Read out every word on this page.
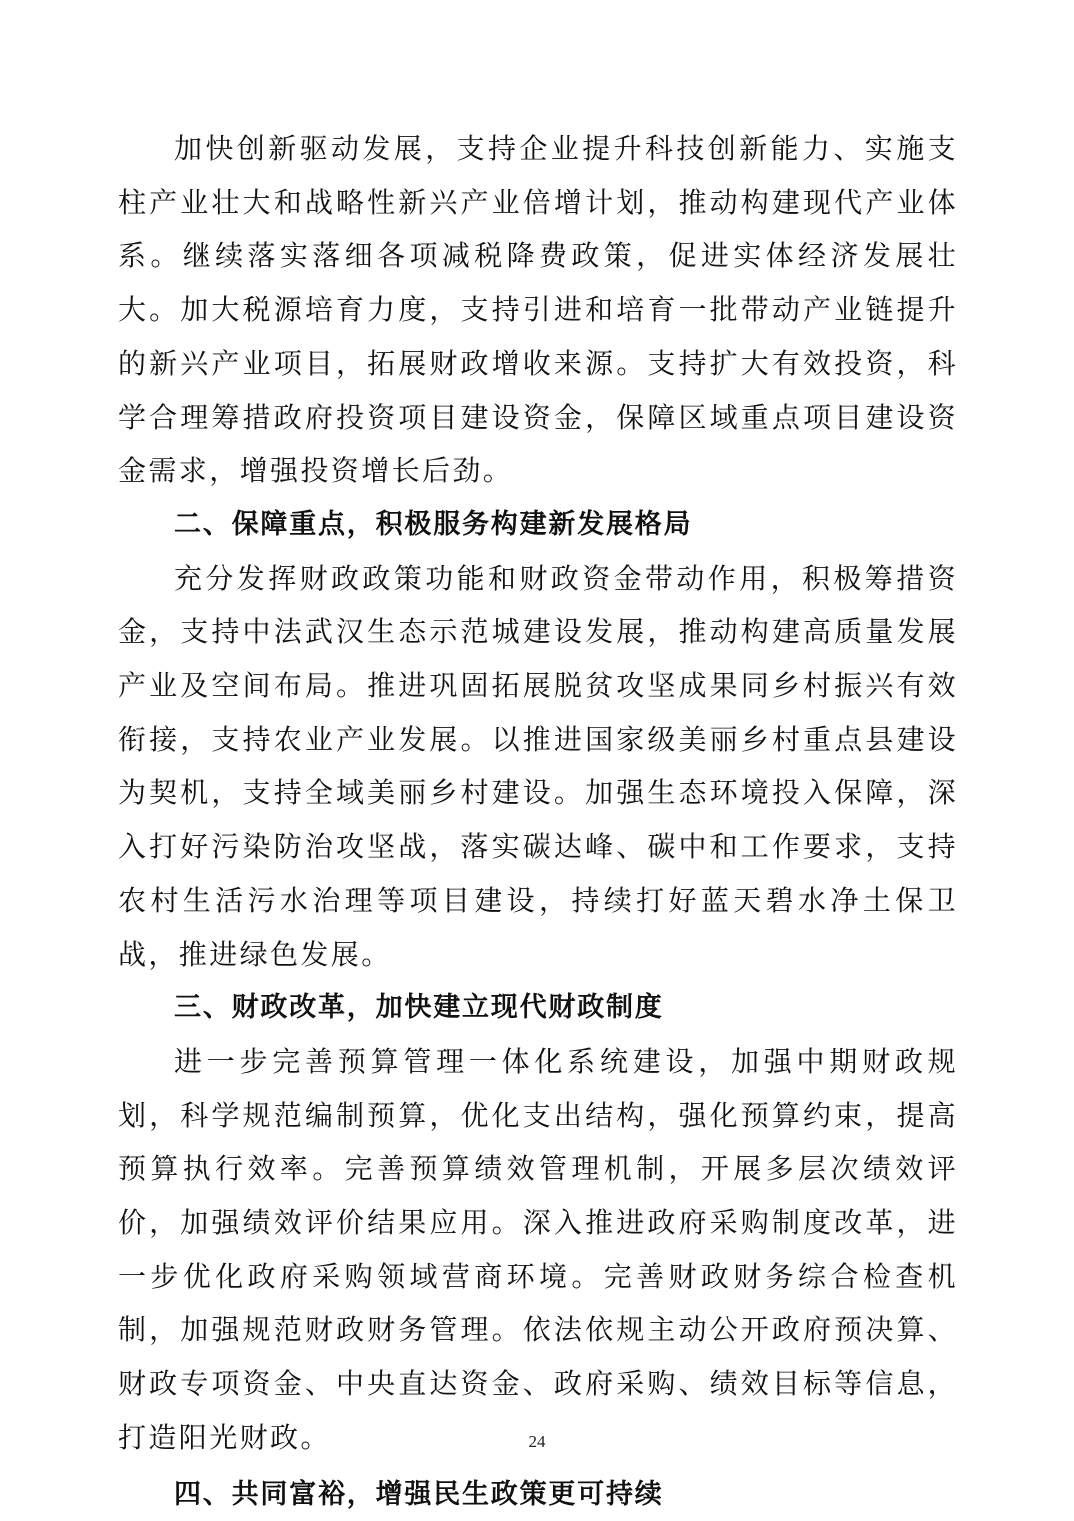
加快创新驱动发展，支持企业提升科技创新能力、实施支柱产业壮大和战略性新兴产业倍增计划，推动构建现代产业体系。继续落实落细各项减税降费政策，促进实体经济发展壮大。加大税源培育力度，支持引进和培育一批带动产业链提升的新兴产业项目，拓展财政增收来源。支持扩大有效投资，科学合理筹措政府投资项目建设资金，保障区域重点项目建设资金需求，增强投资增长后劲。

二、保障重点，积极服务构建新发展格局

充分发挥财政政策功能和财政资金带动作用，积极筹措资金，支持中法武汉生态示范城建设发展，推动构建高质量发展产业及空间布局。推进巩固拓展脱贫攻坚成果同乡村振兴有效衔接，支持农业产业发展。以推进国家级美丽乡村重点县建设为契机，支持全域美丽乡村建设。加强生态环境投入保障，深入打好污染防治攻坚战，落实碳达峰、碳中和工作要求，支持农村生活污水治理等项目建设，持续打好蓝天碧水净土保卫战，推进绿色发展。

三、财政改革，加快建立现代财政制度

进一步完善预算管理一体化系统建设，加强中期财政规划，科学规范编制预算，优化支出结构，强化预算约束，提高预算执行效率。完善预算绩效管理机制，开展多层次绩效评价，加强绩效评价结果应用。深入推进政府采购制度改革，进一步优化政府采购领域营商环境。完善财政财务综合检查机制，加强规范财政财务管理。依法依规主动公开政府预决算、财政专项资金、中央直达资金、政府采购、绩效目标等信息，打造阳光财政。

四、共同富裕，增强民生政策更可持续

24
